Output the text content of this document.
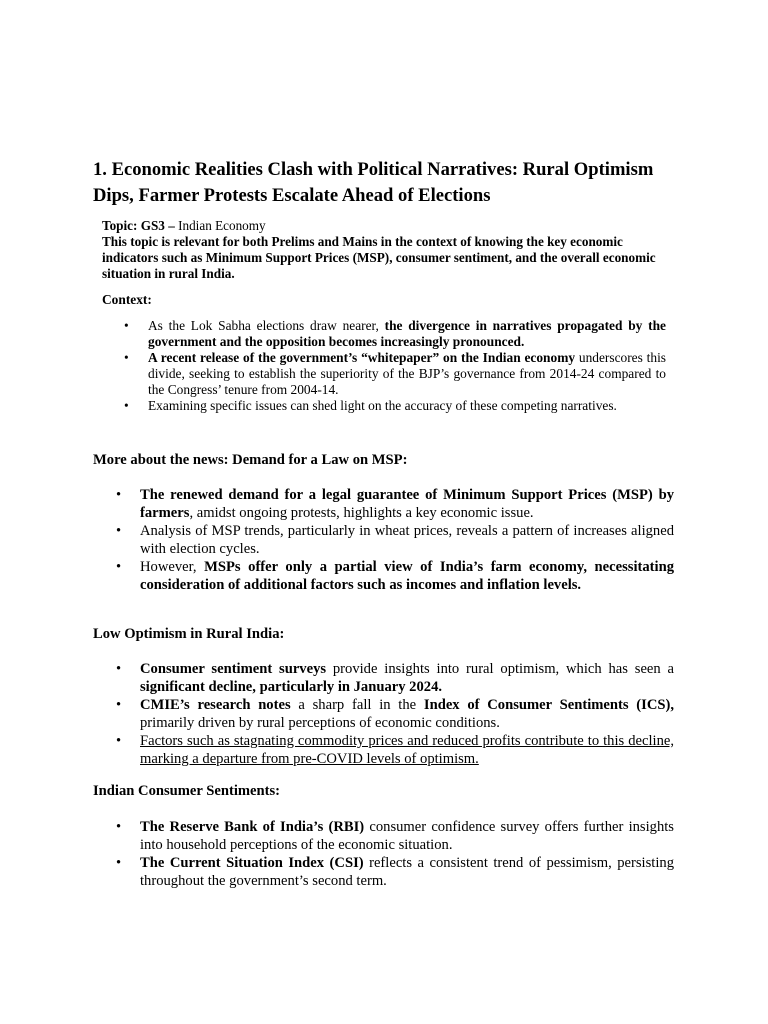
1. Economic Realities Clash with Political Narratives: Rural Optimism Dips, Farmer Protests Escalate Ahead of Elections

Topic: GS3 – Indian Economy

This topic is relevant for both Prelims and Mains in the context of knowing the key economic indicators such as Minimum Support Prices (MSP), consumer sentiment, and the overall economic situation in rural India.

Context:

• As the Lok Sabha elections draw nearer, the divergence in narratives propagated by the government and the opposition becomes increasingly pronounced.
• A recent release of the government’s “whitepaper” on the Indian economy underscores this divide, seeking to establish the superiority of the BJP’s governance from 2014-24 compared to the Congress’ tenure from 2004-14.
• Examining specific issues can shed light on the accuracy of these competing narratives.

More about the news: Demand for a Law on MSP:

• The renewed demand for a legal guarantee of Minimum Support Prices (MSP) by farmers, amidst ongoing protests, highlights a key economic issue.
• Analysis of MSP trends, particularly in wheat prices, reveals a pattern of increases aligned with election cycles.
• However, MSPs offer only a partial view of India’s farm economy, necessitating consideration of additional factors such as incomes and inflation levels.

Low Optimism in Rural India:

• Consumer sentiment surveys provide insights into rural optimism, which has seen a significant decline, particularly in January 2024.
• CMIE’s research notes a sharp fall in the Index of Consumer Sentiments (ICS), primarily driven by rural perceptions of economic conditions.
• Factors such as stagnating commodity prices and reduced profits contribute to this decline, marking a departure from pre-COVID levels of optimism.

Indian Consumer Sentiments:

• The Reserve Bank of India’s (RBI) consumer confidence survey offers further insights into household perceptions of the economic situation.
• The Current Situation Index (CSI) reflects a consistent trend of pessimism, persisting throughout the government’s second term.
